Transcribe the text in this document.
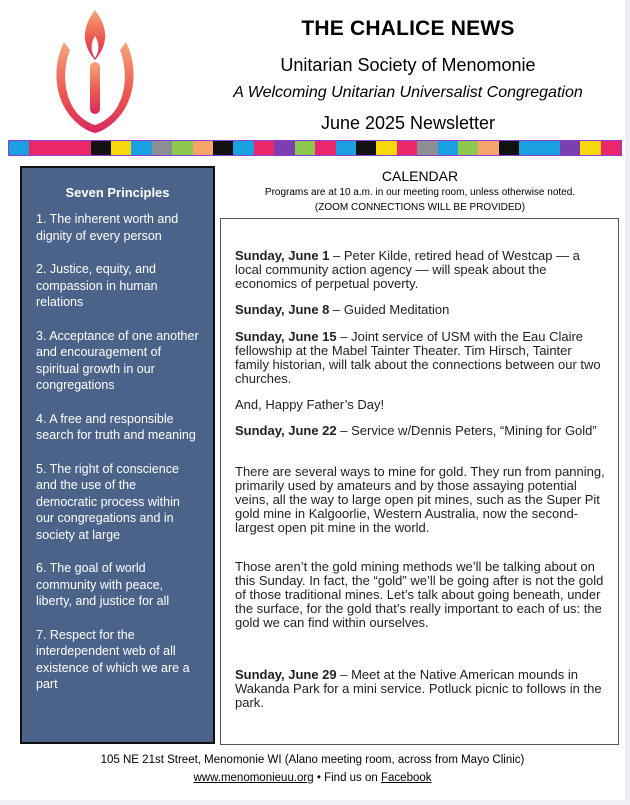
THE CHALICE NEWS
Unitarian Society of Menomonie
A Welcoming Unitarian Universalist Congregation
June 2025 Newsletter
Seven Principles
1. The inherent worth and dignity of every person
2. Justice, equity, and compassion in human relations
3. Acceptance of one another and encouragement of spiritual growth in our congregations
4. A free and responsible search for truth and meaning
5. The right of conscience and the use of the democratic process within our congregations and in society at large
6. The goal of world community with peace, liberty, and justice for all
7. Respect for the interdependent web of all existence of which we are a part
CALENDAR
Programs are at 10 a.m. in our meeting room, unless otherwise noted.
(ZOOM CONNECTIONS WILL BE PROVIDED)
Sunday, June 1 – Peter Kilde, retired head of Westcap — a local community action agency — will speak about the economics of perpetual poverty.
Sunday, June 8 – Guided Meditation
Sunday, June 15 – Joint service of USM with the Eau Claire fellowship at the Mabel Tainter Theater. Tim Hirsch, Tainter family historian, will talk about the connections between our two churches.
And, Happy Father’s Day!
Sunday, June 22 – Service w/Dennis Peters, “Mining for Gold”
There are several ways to mine for gold. They run from panning, primarily used by amateurs and by those assaying potential veins, all the way to large open pit mines, such as the Super Pit gold mine in Kalgoorlie, Western Australia, now the second-largest open pit mine in the world.
Those aren’t the gold mining methods we’ll be talking about on this Sunday. In fact, the “gold” we’ll be going after is not the gold of those traditional mines. Let’s talk about going beneath, under the surface, for the gold that’s really important to each of us: the gold we can find within ourselves.
Sunday, June 29 – Meet at the Native American mounds in Wakanda Park for a mini service. Potluck picnic to follows in the park.
105 NE 21st Street, Menomonie WI (Alano meeting room, across from Mayo Clinic)
www.menomonieuu.org • Find us on Facebook
